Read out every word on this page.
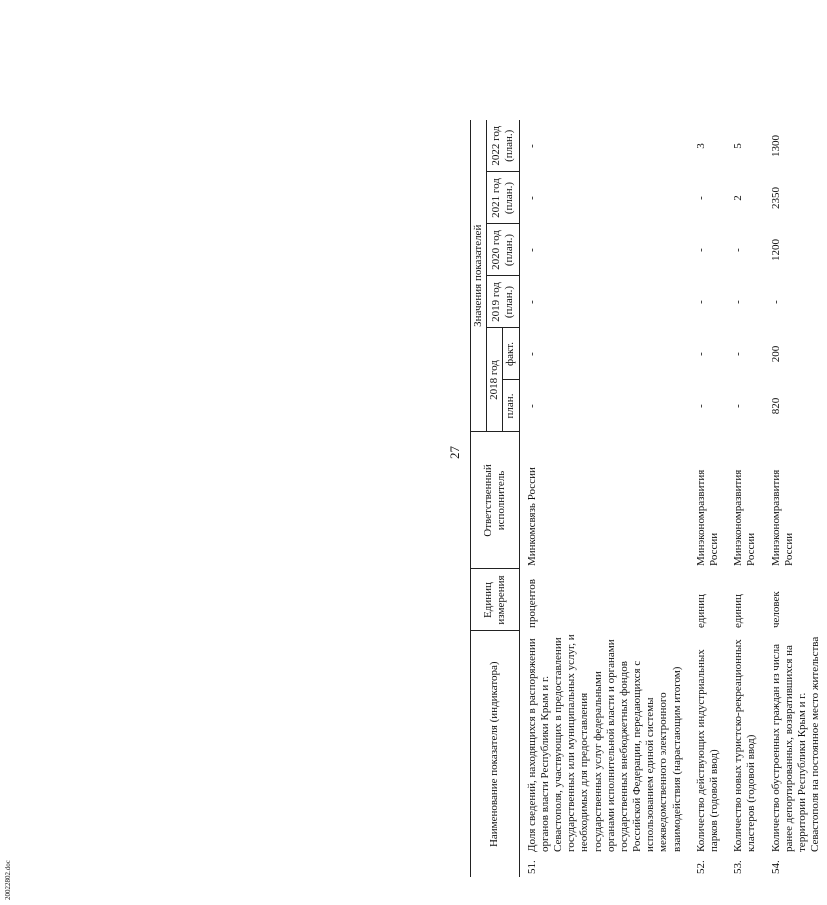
27
20022802.doc
Наименование показателя (индикатора)		Единиц измерения	Ответственный исполнитель	Значения показателей					
				2018 год		2019 год (план.)	2020 год (план.)	2021 год (план.)	2022 год (план.)
				план.	факт.				
51.	Доля сведений, находящихся в распоряжении органов власти Республики Крым и г. Севастополя, участвующих в предоставлении государственных или муниципальных услуг, и необходимых для предоставления государственных услуг федеральными органами исполнительной власти и органами государственных внебюджетных фондов Российской Федерации, передающихся с использованием единой системы межведомственного электронного взаимодействия (нарастающим итогом)	процентов	Минкомсвязь России	-	-	-	-	-	-
52.	Количество действующих индустриальных парков (годовой ввод)	единиц	Минэкономразвития России	-	-	-	-	-	3
53.	Количество новых туристско-рекреационных кластеров (годовой ввод)	единиц	Минэкономразвития России	-	-	-	-	2	5
54.	Количество обустроенных граждан из числа ранее депортированных, возвратившихся на территории Республики Крым и г. Севастополя на постоянное место жительства	человек	Минэкономразвития России	820	200	-	1200	2350	1300
